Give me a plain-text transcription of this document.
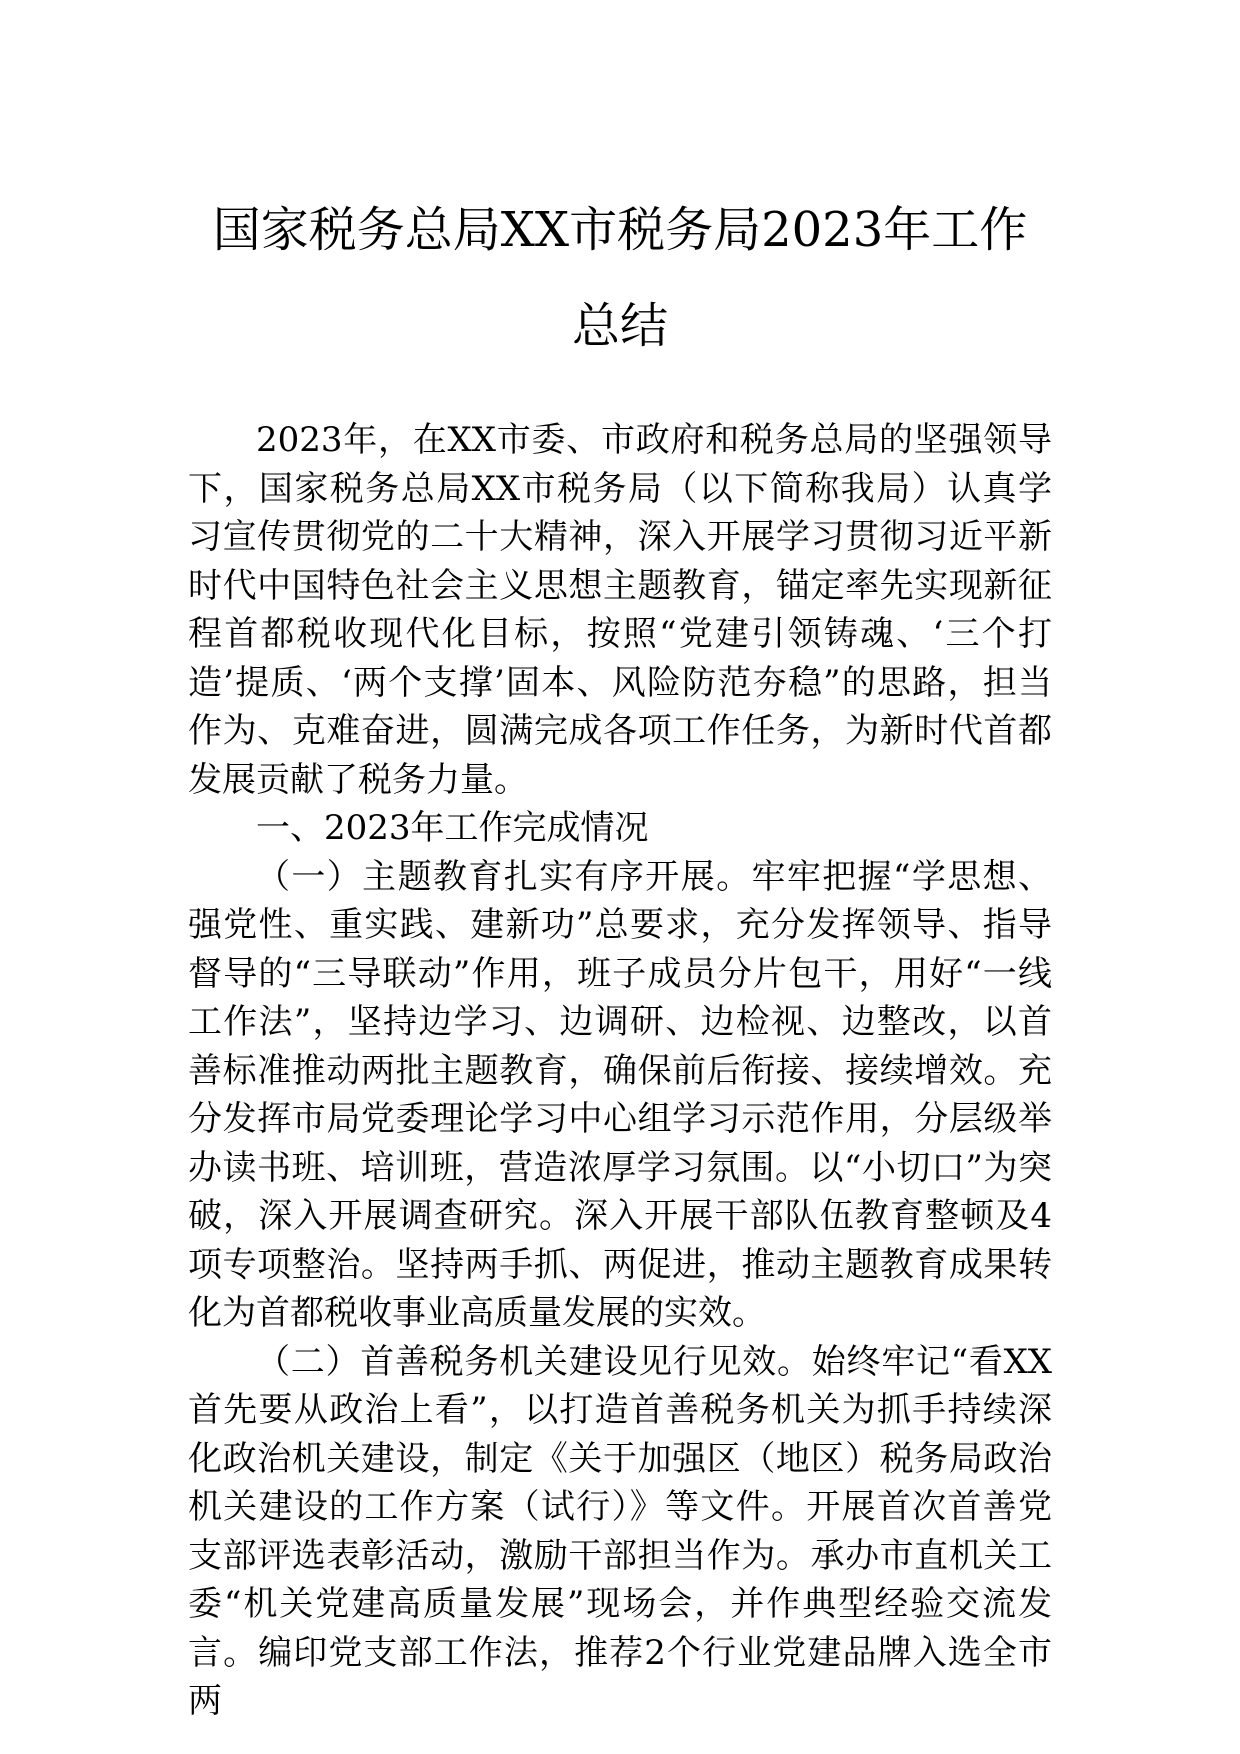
国家税务总局XX市税务局2023年工作总结

2023年，在XX市委、市政府和税务总局的坚强领导下，国家税务总局XX市税务局（以下简称我局）认真学习宣传贯彻党的二十大精神，深入开展学习贯彻习近平新时代中国特色社会主义思想主题教育，锚定率先实现新征程首都税收现代化目标，按照“党建引领铸魂、‘三个打造’提质、‘两个支撑’固本、风险防范夯稳”的思路，担当作为、克难奋进，圆满完成各项工作任务，为新时代首都发展贡献了税务力量。

一、2023年工作完成情况

（一）主题教育扎实有序开展。牢牢把握“学思想、强党性、重实践、建新功”总要求，充分发挥领导、指导督导的“三导联动”作用，班子成员分片包干，用好“一线工作法”，坚持边学习、边调研、边检视、边整改，以首善标准推动两批主题教育，确保前后衔接、接续增效。充分发挥市局党委理论学习中心组学习示范作用，分层级举办读书班、培训班，营造浓厚学习氛围。以“小切口”为突破，深入开展调查研究。深入开展干部队伍教育整顿及4项专项整治。坚持两手抓、两促进，推动主题教育成果转化为首都税收事业高质量发展的实效。

（二）首善税务机关建设见行见效。始终牢记“看XX首先要从政治上看”，以打造首善税务机关为抓手持续深化政治机关建设，制定《关于加强区（地区）税务局政治机关建设的工作方案（试行）》等文件。开展首次首善党支部评选表彰活动，激励干部担当作为。承办市直机关工委“机关党建高质量发展”现场会，并作典型经验交流发言。编印党支部工作法，推荐2个行业党建品牌入选全市两
